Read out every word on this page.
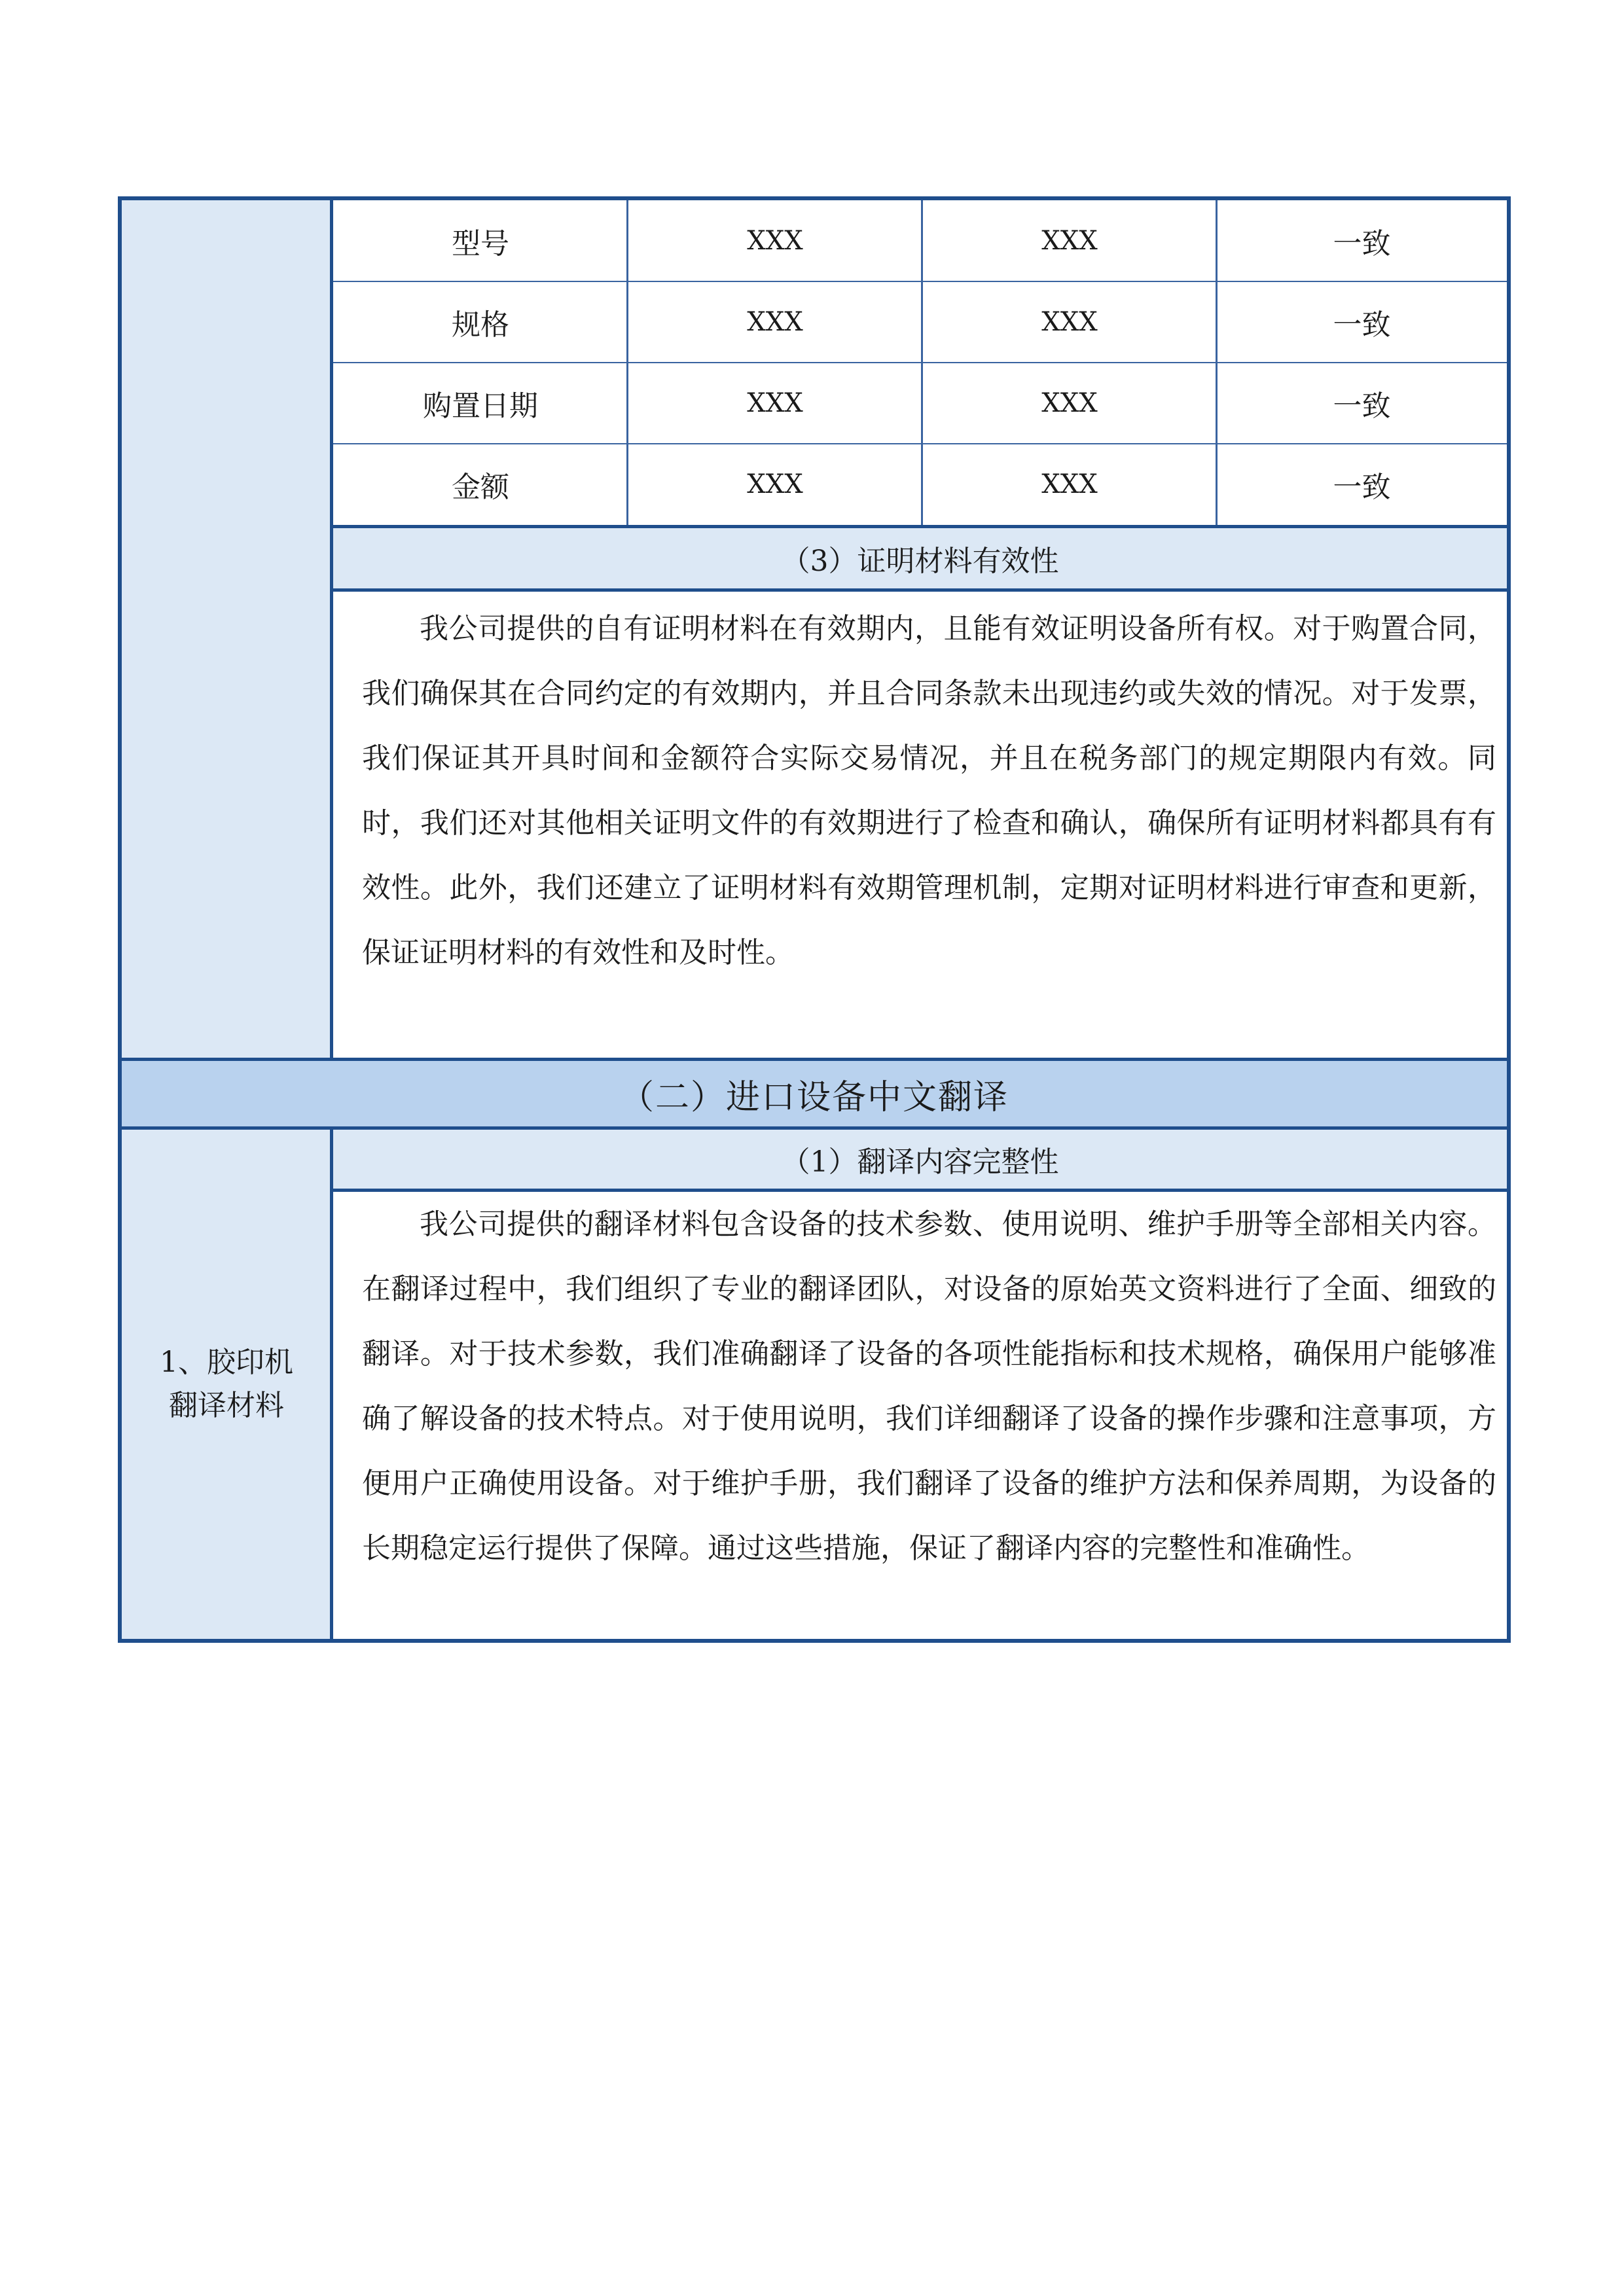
1、胶印机
翻译材料
型号	XXX	XXX	一致
规格	XXX	XXX	一致
购置日期	XXX	XXX	一致
金额	XXX	XXX	一致
（3）证明材料有效性
我公司提供的自有证明材料在有效期内，且能有效证明设备所有权。对于购置合同，我们确保其在合同约定的有效期内，并且合同条款未出现违约或失效的情况。对于发票，我们保证其开具时间和金额符合实际交易情况，并且在税务部门的规定期限内有效。同时，我们还对其他相关证明文件的有效期进行了检查和确认，确保所有证明材料都具有有效性。此外，我们还建立了证明材料有效期管理机制，定期对证明材料进行审查和更新，保证证明材料的有效性和及时性。
（二）进口设备中文翻译
（1）翻译内容完整性
我公司提供的翻译材料包含设备的技术参数、使用说明、维护手册等全部相关内容。在翻译过程中，我们组织了专业的翻译团队，对设备的原始英文资料进行了全面、细致的翻译。对于技术参数，我们准确翻译了设备的各项性能指标和技术规格，确保用户能够准确了解设备的技术特点。对于使用说明，我们详细翻译了设备的操作步骤和注意事项，方便用户正确使用设备。对于维护手册，我们翻译了设备的维护方法和保养周期，为设备的长期稳定运行提供了保障。通过这些措施，保证了翻译内容的完整性和准确性。
